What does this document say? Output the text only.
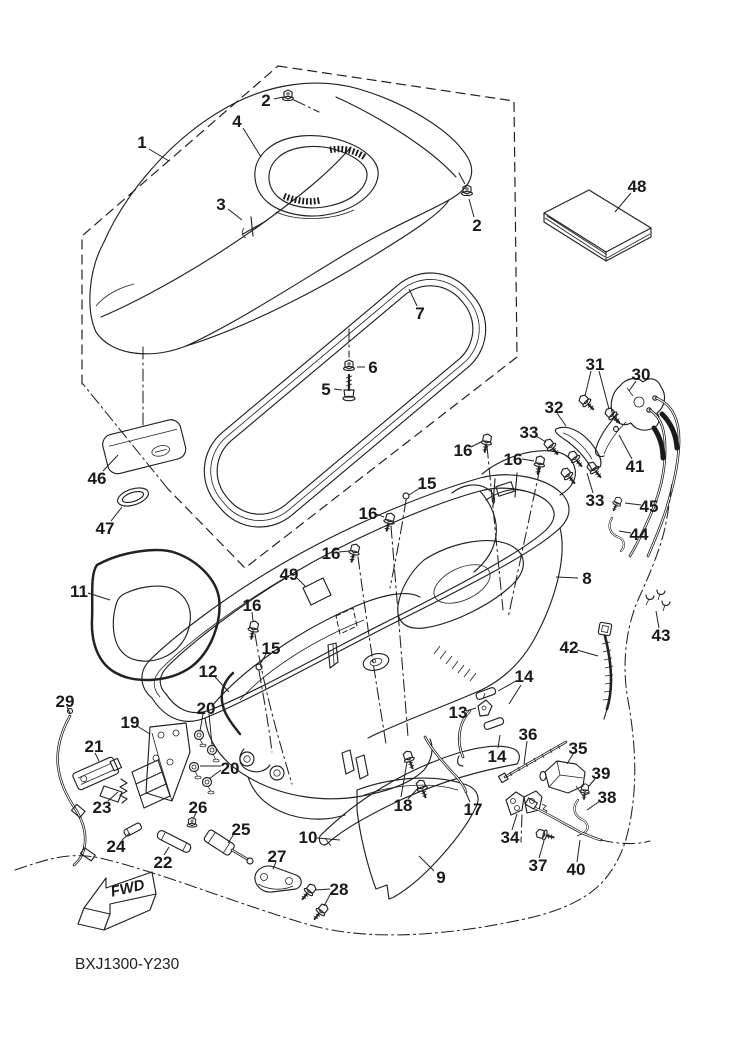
FWD
BXJ1300-Y230
1
2
2
3
4
5
6
7
8
9
10
11
12
13
14
14
15
15
16 16
16
16
16
17
18
19
20
20
21
22
23
24
25
26
27
28
29
30
31
32
33
33
34
35
36
37
38
39
40
41
42
43
44
45
46
47
48
49
